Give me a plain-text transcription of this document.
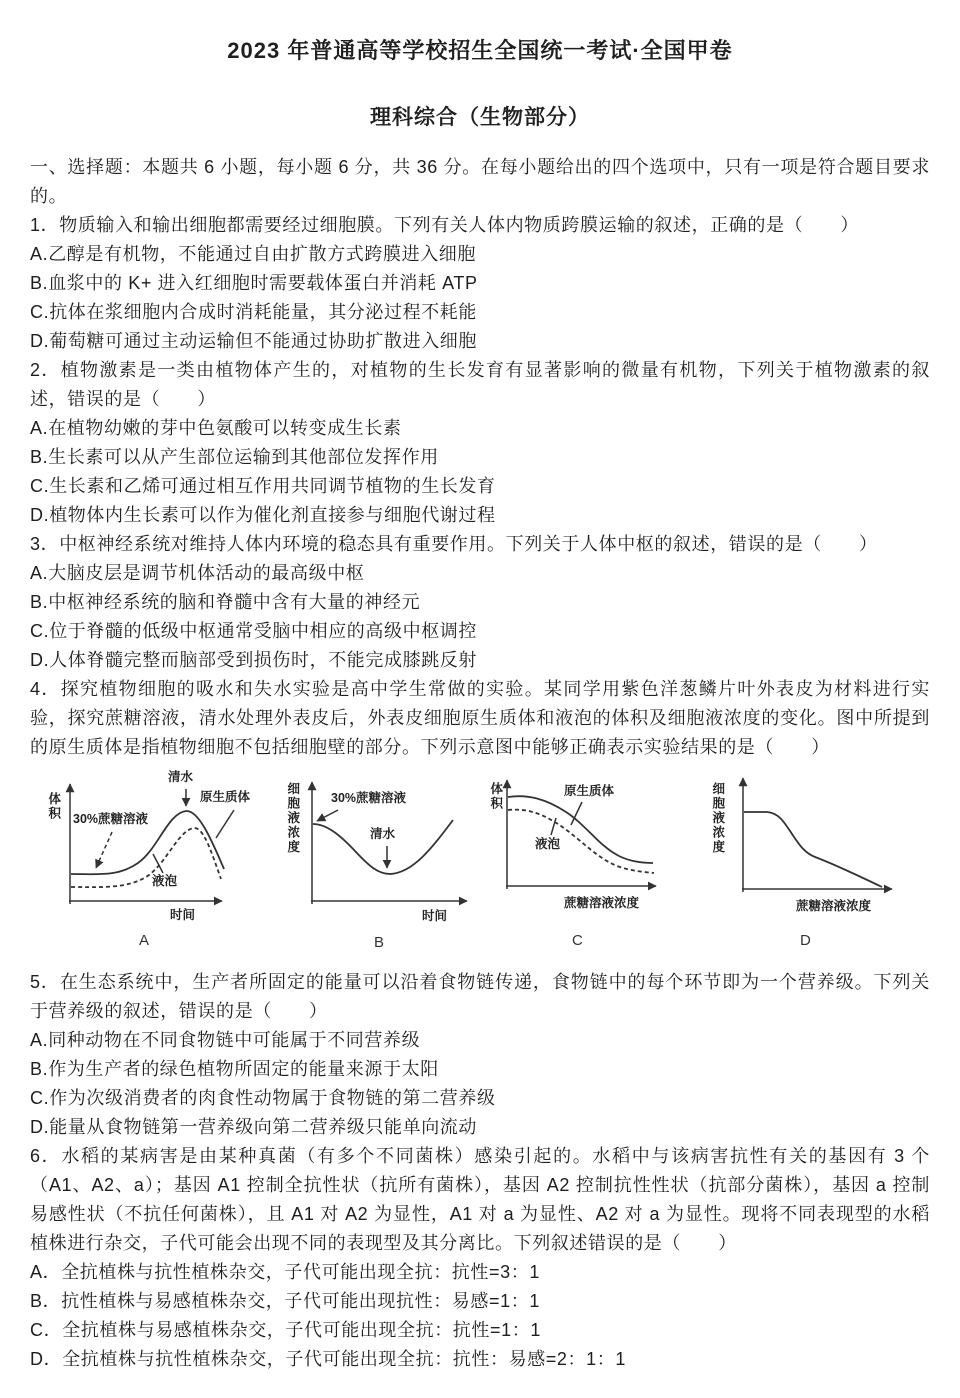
2023 年普通高等学校招生全国统一考试·全国甲卷
理科综合（生物部分）

一、选择题：本题共 6 小题，每小题 6 分，共 36 分。在每小题给出的四个选项中，只有一项是符合题目要求的。

1．物质输入和输出细胞都需要经过细胞膜。下列有关人体内物质跨膜运输的叙述，正确的是（　　）

A.乙醇是有机物，不能通过自由扩散方式跨膜进入细胞

B.血浆中的 K+ 进入红细胞时需要载体蛋白并消耗 ATP

C.抗体在浆细胞内合成时消耗能量，其分泌过程不耗能

D.葡萄糖可通过主动运输但不能通过协助扩散进入细胞

2．植物激素是一类由植物体产生的，对植物的生长发育有显著影响的微量有机物，下列关于植物激素的叙述，错误的是（　　）

A.在植物幼嫩的芽中色氨酸可以转变成生长素

B.生长素可以从产生部位运输到其他部位发挥作用

C.生长素和乙烯可通过相互作用共同调节植物的生长发育

D.植物体内生长素可以作为催化剂直接参与细胞代谢过程

3．中枢神经系统对维持人体内环境的稳态具有重要作用。下列关于人体中枢的叙述，错误的是（　　）

A.大脑皮层是调节机体活动的最高级中枢

B.中枢神经系统的脑和脊髓中含有大量的神经元

C.位于脊髓的低级中枢通常受脑中相应的高级中枢调控

D.人体脊髓完整而脑部受到损伤时，不能完成膝跳反射

4．探究植物细胞的吸水和失水实验是高中学生常做的实验。某同学用紫色洋葱鳞片叶外表皮为材料进行实验，探究蔗糖溶液，清水处理外表皮后，外表皮细胞原生质体和液泡的体积及细胞液浓度的变化。图中所提到的原生质体是指植物细胞不包括细胞壁的部分。下列示意图中能够正确表示实验结果的是（　　）

体积 30%蔗糖溶液
清水
原生质体
液泡
时间
A
细胞液浓度	30%蔗糖溶液
清水
时间
B
体积	原生质体
液泡
蔗糖溶液浓度
C
细胞液浓度
蔗糖溶液浓度
D

5．在生态系统中，生产者所固定的能量可以沿着食物链传递，食物链中的每个环节即为一个营养级。下列关于营养级的叙述，错误的是（　　）

A.同种动物在不同食物链中可能属于不同营养级

B.作为生产者的绿色植物所固定的能量来源于太阳

C.作为次级消费者的肉食性动物属于食物链的第二营养级

D.能量从食物链第一营养级向第二营养级只能单向流动

6．水稻的某病害是由某种真菌（有多个不同菌株）感染引起的。水稻中与该病害抗性有关的基因有 3 个（A1、A2、a）；基因 A1 控制全抗性状（抗所有菌株），基因 A2 控制抗性性状（抗部分菌株），基因 a 控制易感性状（不抗任何菌株），且 A1 对 A2 为显性，A1 对 a 为显性、A2 对 a 为显性。现将不同表现型的水稻植株进行杂交，子代可能会出现不同的表现型及其分离比。下列叙述错误的是（　　）

A．全抗植株与抗性植株杂交，子代可能出现全抗：抗性=3：1

B．抗性植株与易感植株杂交，子代可能出现抗性：易感=1：1

C．全抗植株与易感植株杂交，子代可能出现全抗：抗性=1：1

D．全抗植株与抗性植株杂交，子代可能出现全抗：抗性：易感=2：1：1
